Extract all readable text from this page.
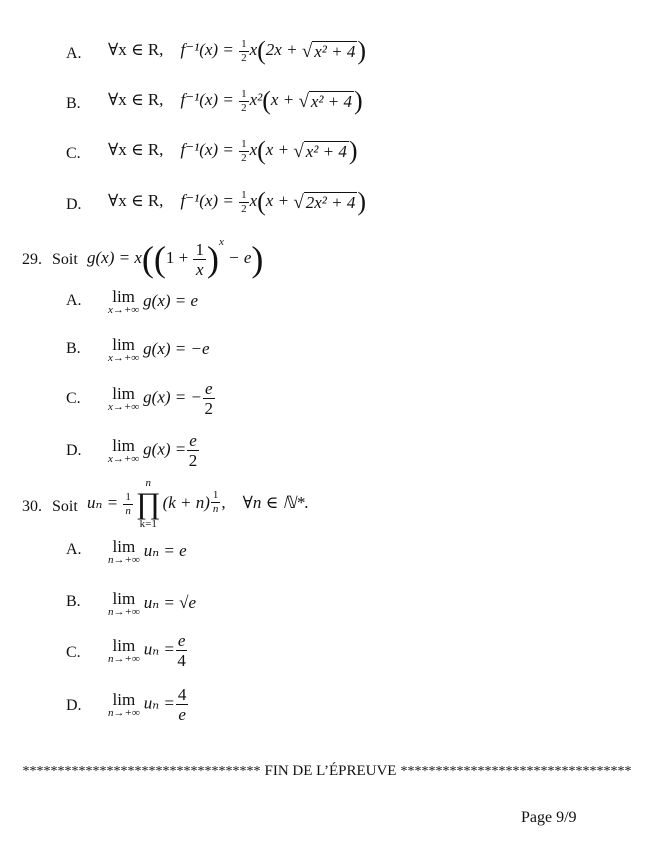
A. ∀x ∈ R, $f^{-1}(x) = \frac{1}{2} x(2x$ + √ x² + 4 )
B. ∀x ∈ R, $f^{-1}(x) = \frac{1}{2} x^2(x$ + √ x² + 4 )
C. ∀x ∈ R, $f^{-1}(x) = \frac{1}{2} x(x$ + √ x² + 4 )
D. ∀x ∈ R, $f^{-1}(x) = \frac{1}{2} x(x$ + √ 2x² + 4 )
29. Soit $g(x) = x((1 + \frac{1}{x} )^x - e)$
A. lim
x→+∞
g(x) = e
B. lim
x→+∞
g(x) = −e
C. lim
x→+∞
g(x) = − $\frac{e}{2}$
D. lim
x→+∞
$g(x) = \frac{e}{2}$
30. Soit $u_n = \frac{1}{n}$
n
∏
k=1
$(k + n) \frac{1}{n}$ , ∀n ∈ ℕ*.
A. lim
n→+∞
uₙ = e
B. lim
n→+∞
uₙ = √e
C. lim
n→+∞
$u_n = \frac{e}{4}$
D. lim
n→+∞
$u_n = \frac{4}{e}$
********************************** FIN DE L’ÉPREUVE *********************************
Page 9/9
